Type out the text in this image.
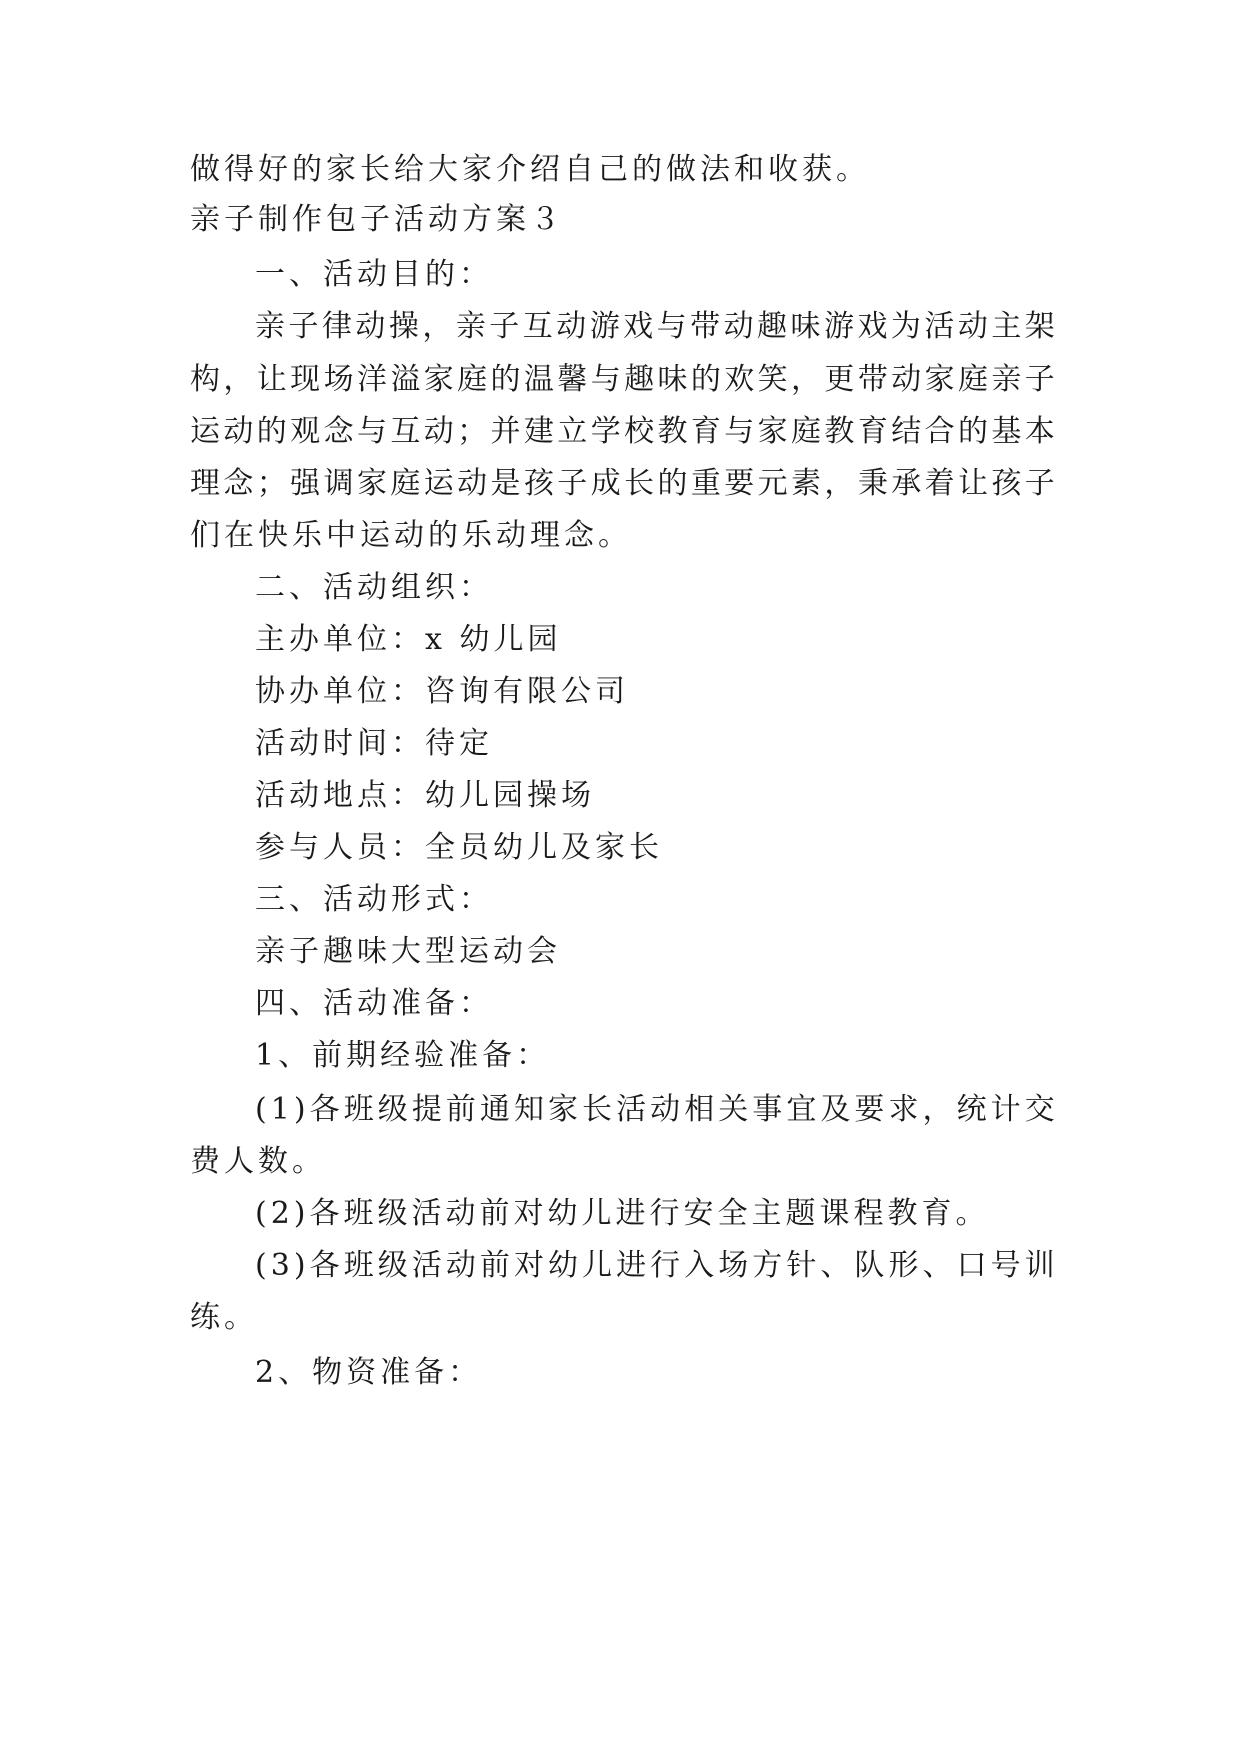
做得好的家长给大家介绍自己的做法和收获。
亲子制作包子活动方案３
一、活动目的：
亲 子 律 动 操 ， 亲 子 互 动 游 戏 与 带 动 趣 味 游 戏 为 活 动 主 架
构 ， 让 现 场 洋 溢 家 庭 的 温 馨 与 趣 味 的 欢 笑 ， 更 带 动 家 庭 亲 子
运 动 的 观 念 与 互 动 ； 并 建 立 学 校 教 育 与 家 庭 教 育 结 合 的 基 本
理 念 ； 强 调 家 庭 运 动 是 孩 子 成 长 的 重 要 元 素 ， 秉 承 着 让 孩 子
们在快乐中运动的乐动理念。
二、活动组织：
主办单位：x 幼儿园
协办单位：咨询有限公司
活动时间：待定
活动地点：幼儿园操场
参与人员：全员幼儿及家长
三、活动形式：
亲子趣味大型运动会
四、活动准备：
1、前期经验准备：
( 1 ) 各 班 级 提 前 通 知 家 长 活 动 相 关 事 宜 及 要 求 ， 统 计 交
费人数。
(2)各班级活动前对幼儿进行安全主题课程教育。
( 3 ) 各 班 级 活 动 前 对 幼 儿 进 行 入 场 方 针 、 队 形 、 口 号 训
练。
2、物资准备：
